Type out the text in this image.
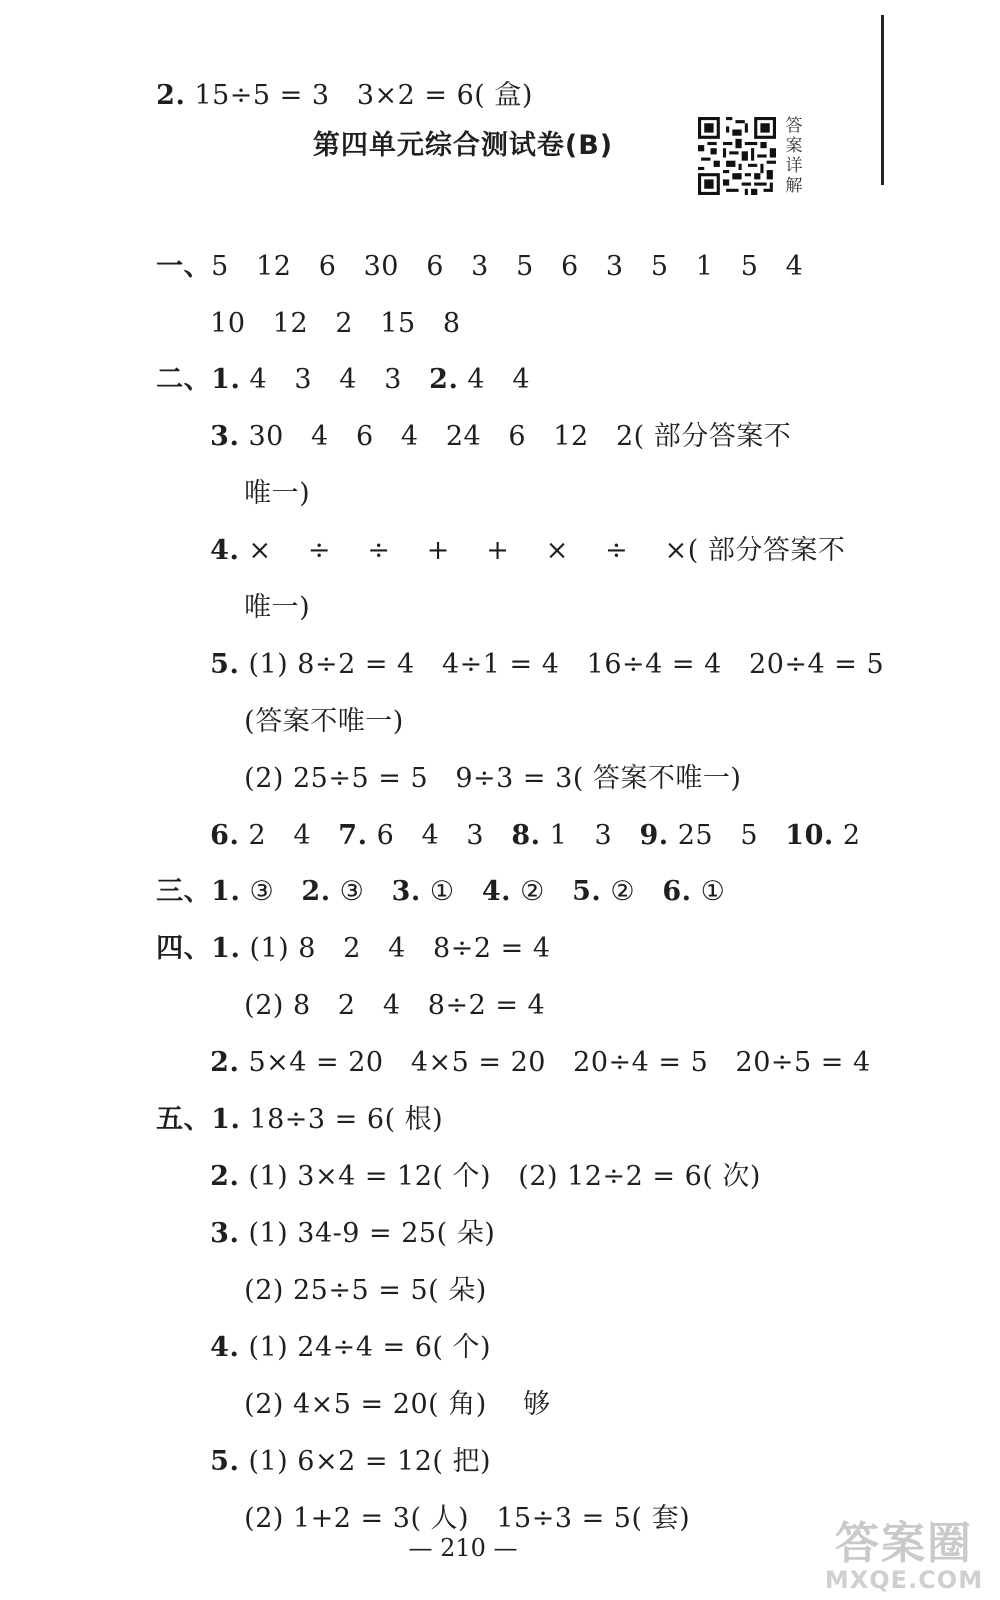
2. 15÷5 = 3   3×2 = 6( 盒)

第四单元综合测试卷(B)
答案详解

一、5   12   6   30   6   3   5   6   3   5   1   5   4

10   12   2   15   8

二、1. 4   3   4   3   2. 4   4

3. 30   4   6   4   24   6   12   2( 部分答案不

唯一)

4. ×    ÷    ÷    +    +    ×    ÷    ×( 部分答案不

唯一)

5. (1) 8÷2 = 4   4÷1 = 4   16÷4 = 4   20÷4 = 5

(答案不唯一)

(2) 25÷5 = 5   9÷3 = 3( 答案不唯一)

6. 2   4   7. 6   4   3   8. 1   3   9. 25   5   10. 2

三、1. ③   2. ③   3. ①   4. ②   5. ②   6. ①

四、1. (1) 8   2   4   8÷2 = 4

(2) 8   2   4   8÷2 = 4

2. 5×4 = 20   4×5 = 20   20÷4 = 5   20÷5 = 4

五、1. 18÷3 = 6( 根)

2. (1) 3×4 = 12( 个)   (2) 12÷2 = 6( 次)

3. (1) 34-9 = 25( 朵)

(2) 25÷5 = 5( 朵)

4. (1) 24÷4 = 6( 个)

(2) 4×5 = 20( 角)    够

5. (1) 6×2 = 12( 把)

(2) 1+2 = 3( 人)   15÷3 = 5( 套)

— 210 —	答案圈
MXQE.COM
